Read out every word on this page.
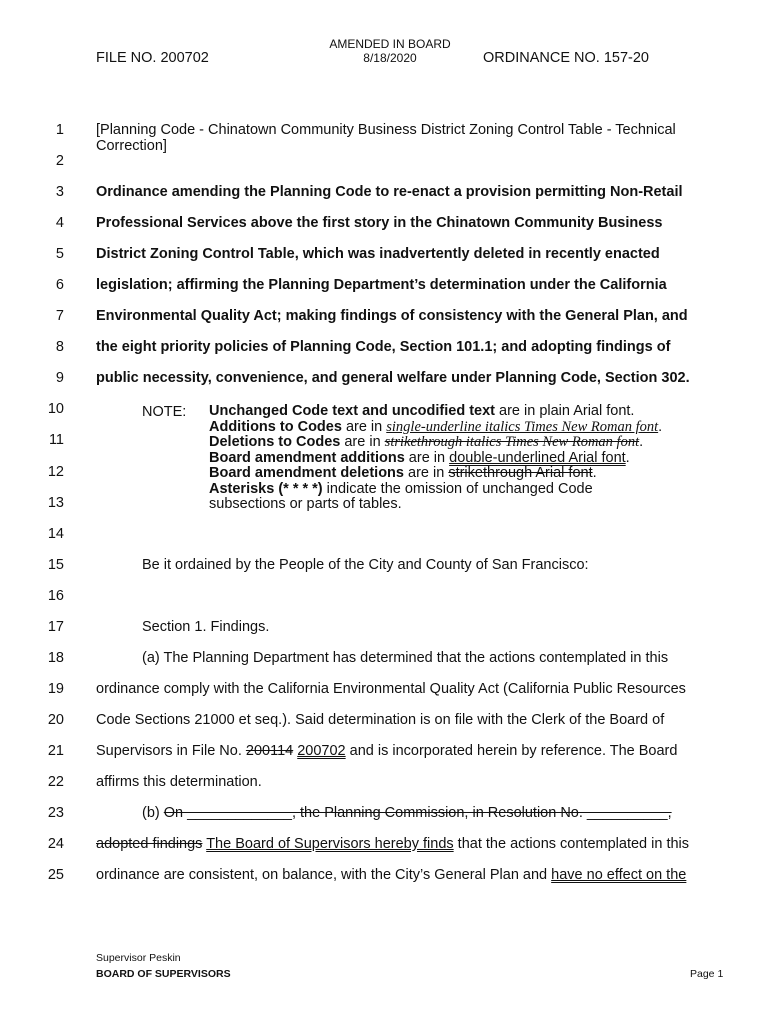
AMENDED IN BOARD
8/18/2020
FILE NO. 200702	ORDINANCE NO. 157-20
1
2
3
4
5
6
7
8
9
10
11
12
13
14
15
16
17
18
19
20
21
22
23
24
25
[Planning Code - Chinatown Community Business District Zoning Control Table - Technical Correction]
Ordinance amending the Planning Code to re-enact a provision permitting Non-Retail
Professional Services above the first story in the Chinatown Community Business
District Zoning Control Table, which was inadvertently deleted in recently enacted
legislation; affirming the Planning Department’s determination under the California
Environmental Quality Act; making findings of consistency with the General Plan, and
the eight priority policies of Planning Code, Section 101.1; and adopting findings of
public necessity, convenience, and general welfare under Planning Code, Section 302.
NOTE: Unchanged Code text and uncodified text are in plain Arial font.
Additions to Codes are in single-underline italics Times New Roman font.
Deletions to Codes are in strikethrough italics Times New Roman font.
Board amendment additions are in double-underlined Arial font.
Board amendment deletions are in strikethrough Arial font.
Asterisks (* * * *) indicate the omission of unchanged Code
subsections or parts of tables.
Be it ordained by the People of the City and County of San Francisco:
Section 1. Findings.
(a) The Planning Department has determined that the actions contemplated in this
ordinance comply with the California Environmental Quality Act (California Public Resources
Code Sections 21000 et seq.). Said determination is on file with the Clerk of the Board of
Supervisors in File No. 200114 200702 and is incorporated herein by reference. The Board
affirms this determination.
(b) On _____________, the Planning Commission, in Resolution No. __________,
adopted findings The Board of Supervisors hereby finds that the actions contemplated in this
ordinance are consistent, on balance, with the City’s General Plan and have no effect on the
Supervisor Peskin
BOARD OF SUPERVISORS	Page 1
